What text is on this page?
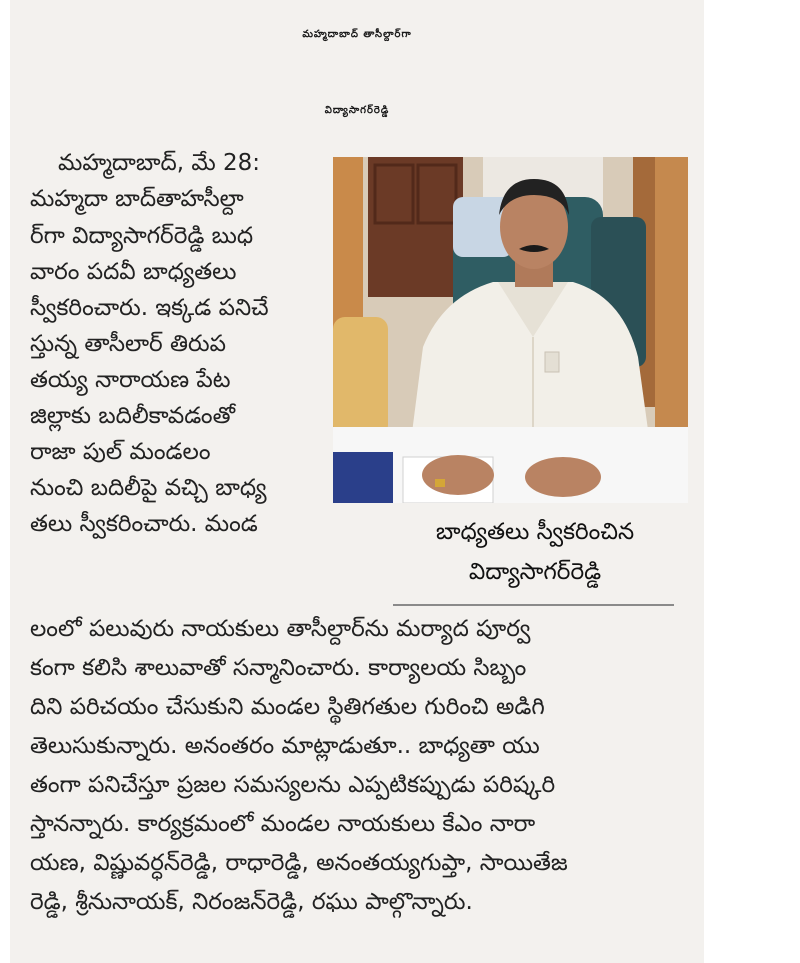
మహ్మదాబాద్ తాసీల్దార్‌గా
విద్యాసాగర్‌రెడ్డి
మహ్మదాబాద్, మే 28:
మహ్మదా బాద్‌తాహసీల్దా
ర్‌గా విద్యాసాగర్‌రెడ్డి బుధ
వారం పదవీ బాధ్యతలు
స్వీకరించారు. ఇక్కడ పనిచే
స్తున్న తాసీలార్ తిరుప
తయ్య నారాయణ పేట
జిల్లాకు బదిలీకావడంతో
రాజా పుల్ మండలం
నుంచి బదిలీపై వచ్చి బాధ్య
తలు స్వీకరించారు. మండ	బాధ్యతలు స్వీకరించిన
విద్యాసాగర్‌రెడ్డి
లంలో పలువురు నాయకులు తాసీల్దార్‌ను మర్యాద పూర్వ
కంగా కలిసి శాలువాతో సన్మానించారు. కార్యాలయ సిబ్బం
దిని పరిచయం చేసుకుని మండల స్థితిగతుల గురించి అడిగి
తెలుసుకున్నారు. అనంతరం మాట్లాడుతూ.. బాధ్యతా యు
తంగా పనిచేస్తూ ప్రజల సమస్యలను ఎప్పటికప్పుడు పరిష్కరి
స్తానన్నారు. కార్యక్రమంలో మండల నాయకులు కేఎం నారా
యణ, విష్ణువర్ధన్‌రెడ్డి, రాధారెడ్డి, అనంతయ్యగుప్తా, సాయితేజ
రెడ్డి, శ్రీనునాయక్, నిరంజన్‌రెడ్డి, రఘు పాల్గొన్నారు.
